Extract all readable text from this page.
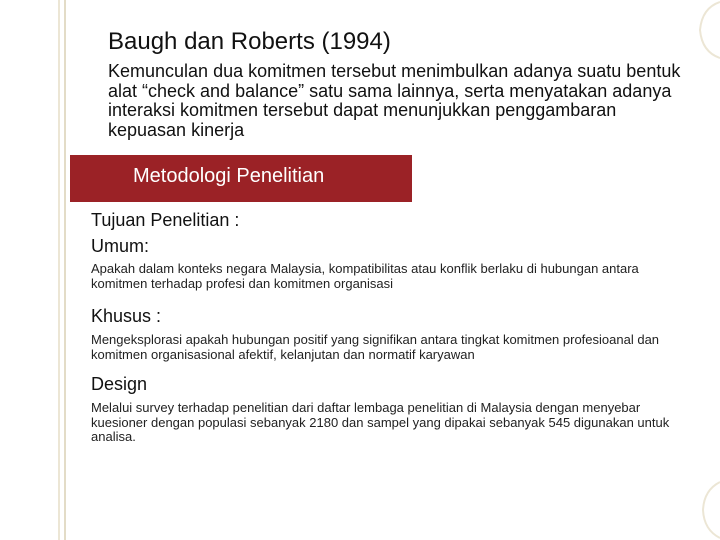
Baugh dan Roberts (1994)
Kemunculan dua komitmen tersebut menimbulkan adanya suatu bentuk alat “check and balance” satu sama lainnya, serta menyatakan adanya interaksi komitmen tersebut dapat menunjukkan penggambaran kepuasan kinerja
Metodologi Penelitian
Tujuan Penelitian :
Umum:
Apakah dalam konteks negara Malaysia, kompatibilitas atau konflik berlaku di hubungan antara komitmen terhadap profesi dan komitmen organisasi
Khusus :
Mengeksplorasi apakah hubungan positif yang signifikan antara tingkat komitmen profesioanal dan komitmen organisasional afektif, kelanjutan dan normatif karyawan
Design
Melalui survey terhadap penelitian dari daftar lembaga penelitian di Malaysia dengan menyebar kuesioner dengan populasi sebanyak 2180 dan sampel yang dipakai sebanyak 545 digunakan untuk analisa.
